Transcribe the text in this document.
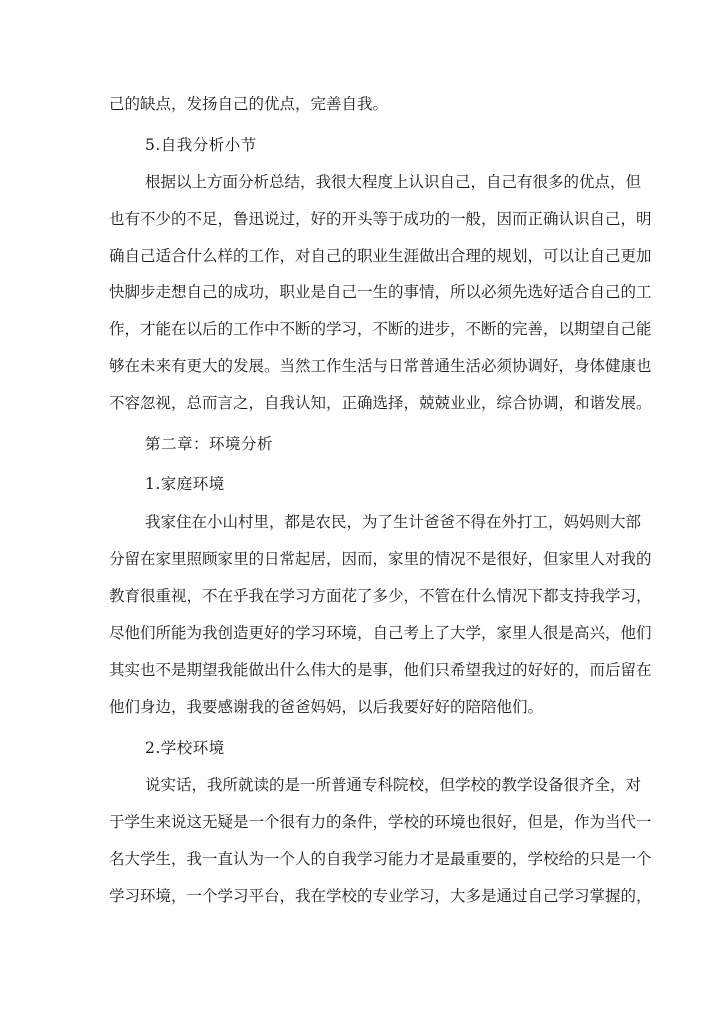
己的缺点，发扬自己的优点，完善自我。
5.自我分析小节
根据以上方面分析总结，我很大程度上认识自己，自己有很多的优点，但
也有不少的不足，鲁迅说过，好的开头等于成功的一般，因而正确认识自己，明
确自己适合什么样的工作，对自己的职业生涯做出合理的规划，可以让自己更加
快脚步走想自己的成功，职业是自己一生的事情，所以必须先选好适合自己的工
作，才能在以后的工作中不断的学习，不断的进步，不断的完善，以期望自己能
够在未来有更大的发展。当然工作生活与日常普通生活必须协调好，身体健康也
不容忽视，总而言之，自我认知，正确选择，兢兢业业，综合协调，和谐发展。
第二章：环境分析
1.家庭环境
我家住在小山村里，都是农民，为了生计爸爸不得在外打工，妈妈则大部
分留在家里照顾家里的日常起居，因而，家里的情况不是很好，但家里人对我的
教育很重视，不在乎我在学习方面花了多少，不管在什么情况下都支持我学习，
尽他们所能为我创造更好的学习环境，自己考上了大学，家里人很是高兴，他们
其实也不是期望我能做出什么伟大的是事，他们只希望我过的好好的，而后留在
他们身边，我要感谢我的爸爸妈妈，以后我要好好的陪陪他们。
2.学校环境
说实话，我所就读的是一所普通专科院校，但学校的教学设备很齐全，对
于学生来说这无疑是一个很有力的条件，学校的环境也很好，但是，作为当代一
名大学生，我一直认为一个人的自我学习能力才是最重要的，学校给的只是一个
学习环境，一个学习平台，我在学校的专业学习，大多是通过自己学习掌握的，
